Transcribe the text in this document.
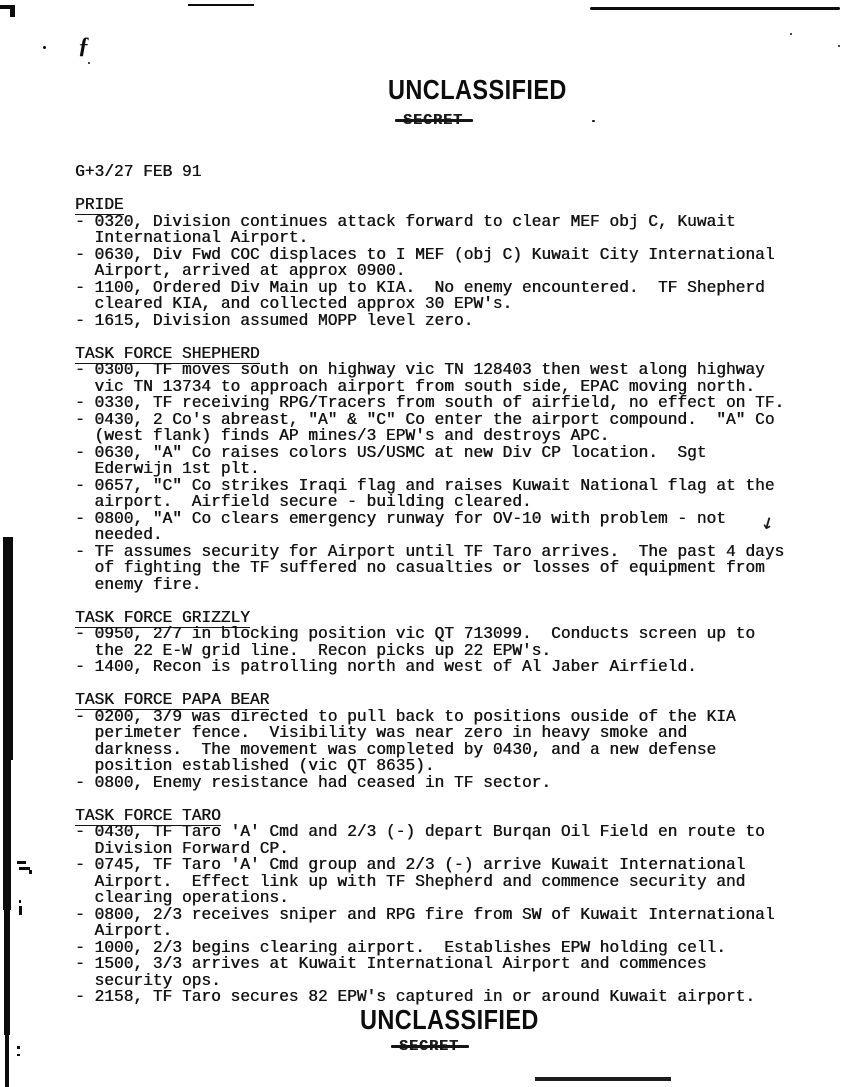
ƒ
↓
UNCLASSIFIED
G+3/27 FEB 91
PRIDE
- 0320, Division continues attack forward to clear MEF obj C, Kuwait
International Airport.
- 0630, Div Fwd COC displaces to I MEF (obj C) Kuwait City International
Airport, arrived at approx 0900.
- 1100, Ordered Div Main up to KIA.  No enemy encountered.  TF Shepherd
cleared KIA, and collected approx 30 EPW's.
- 1615, Division assumed MOPP level zero.
TASK FORCE SHEPHERD
- 0300, TF moves south on highway vic TN 128403 then west along highway
vic TN 13734 to approach airport from south side, EPAC moving north.
- 0330, TF receiving RPG/Tracers from south of airfield, no effect on TF.
- 0430, 2 Co's abreast, "A" & "C" Co enter the airport compound.  "A" Co
(west flank) finds AP mines/3 EPW's and destroys APC.
- 0630, "A" Co raises colors US/USMC at new Div CP location.  Sgt
Ederwijn 1st plt.
- 0657, "C" Co strikes Iraqi flag and raises Kuwait National flag at the
airport.  Airfield secure - building cleared.
- 0800, "A" Co clears emergency runway for OV-10 with problem - not
needed.
- TF assumes security for Airport until TF Taro arrives.  The past 4 days
of fighting the TF suffered no casualties or losses of equipment from
enemy fire.
TASK FORCE GRIZZLY
- 0950, 2/7 in blocking position vic QT 713099.  Conducts screen up to
the 22 E-W grid line.  Recon picks up 22 EPW's.
- 1400, Recon is patrolling north and west of Al Jaber Airfield.
TASK FORCE PAPA BEAR
- 0200, 3/9 was directed to pull back to positions ouside of the KIA
perimeter fence.  Visibility was near zero in heavy smoke and
darkness.  The movement was completed by 0430, and a new defense
position established (vic QT 8635).
- 0800, Enemy resistance had ceased in TF sector.
TASK FORCE TARO
- 0430, TF Taro 'A' Cmd and 2/3 (-) depart Burqan Oil Field en route to
Division Forward CP.
- 0745, TF Taro 'A' Cmd group and 2/3 (-) arrive Kuwait International
Airport.  Effect link up with TF Shepherd and commence security and
clearing operations.
- 0800, 2/3 receives sniper and RPG fire from SW of Kuwait International
Airport.
- 1000, 2/3 begins clearing airport.  Establishes EPW holding cell.
- 1500, 3/3 arrives at Kuwait International Airport and commences
security ops.
- 2158, TF Taro secures 82 EPW's captured in or around Kuwait airport.
UNCLASSIFIED
